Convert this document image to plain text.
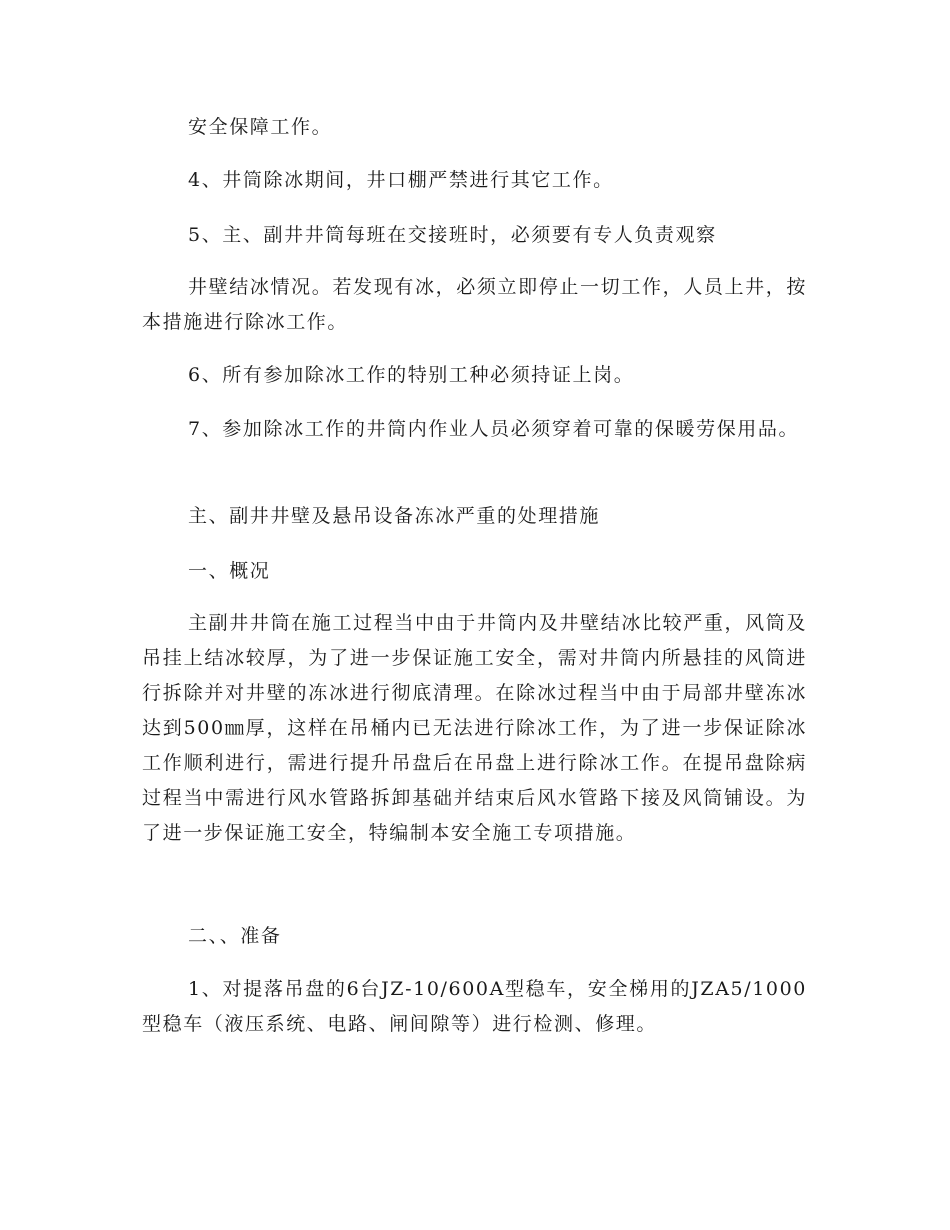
安全保障工作。

4、井筒除冰期间，井口棚严禁进行其它工作。

5、主、副井井筒每班在交接班时，必须要有专人负责观察

井壁结冰情况。若发现有冰，必须立即停止一切工作，人员上井，按本措施进行除冰工作。

6、所有参加除冰工作的特别工种必须持证上岗。

7、参加除冰工作的井筒内作业人员必须穿着可靠的保暖劳保用品。

主、副井井壁及悬吊设备冻冰严重的处理措施

一、概况

主副井井筒在施工过程当中由于井筒内及井壁结冰比较严重，风筒及吊挂上结冰较厚，为了进一步保证施工安全，需对井筒内所悬挂的风筒进行拆除并对井壁的冻冰进行彻底清理。在除冰过程当中由于局部井壁冻冰达到500㎜厚，这样在吊桶内已无法进行除冰工作，为了进一步保证除冰工作顺利进行，需进行提升吊盘后在吊盘上进行除冰工作。在提吊盘除病过程当中需进行风水管路拆卸基础并结束后风水管路下接及风筒铺设。为了进一步保证施工安全，特编制本安全施工专项措施。

二、、准备

1、对提落吊盘的6台JZ-10/600A型稳车，安全梯用的JZA5/1000型稳车（液压系统、电路、闸间隙等）进行检测、修理。
